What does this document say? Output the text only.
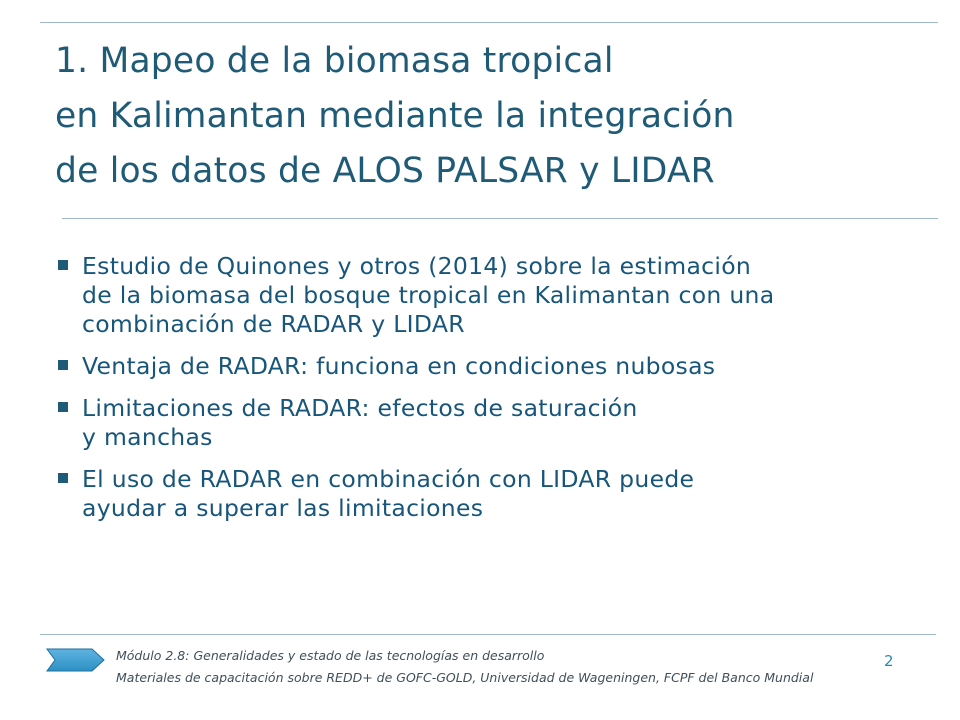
1. Mapeo de la biomasa tropical
en Kalimantan mediante la integración
de los datos de ALOS PALSAR y LIDAR
Estudio de Quinones y otros (2014) sobre la estimación
de la biomasa del bosque tropical en Kalimantan con una
combinación de RADAR y LIDAR
Ventaja de RADAR: funciona en condiciones nubosas
Limitaciones de RADAR: efectos de saturación
y manchas
El uso de RADAR en combinación con LIDAR puede
ayudar a superar las limitaciones
Módulo 2.8: Generalidades y estado de las tecnologías en desarrollo
Materiales de capacitación sobre REDD+ de GOFC-GOLD, Universidad de Wageningen, FCPF del Banco Mundial
2
